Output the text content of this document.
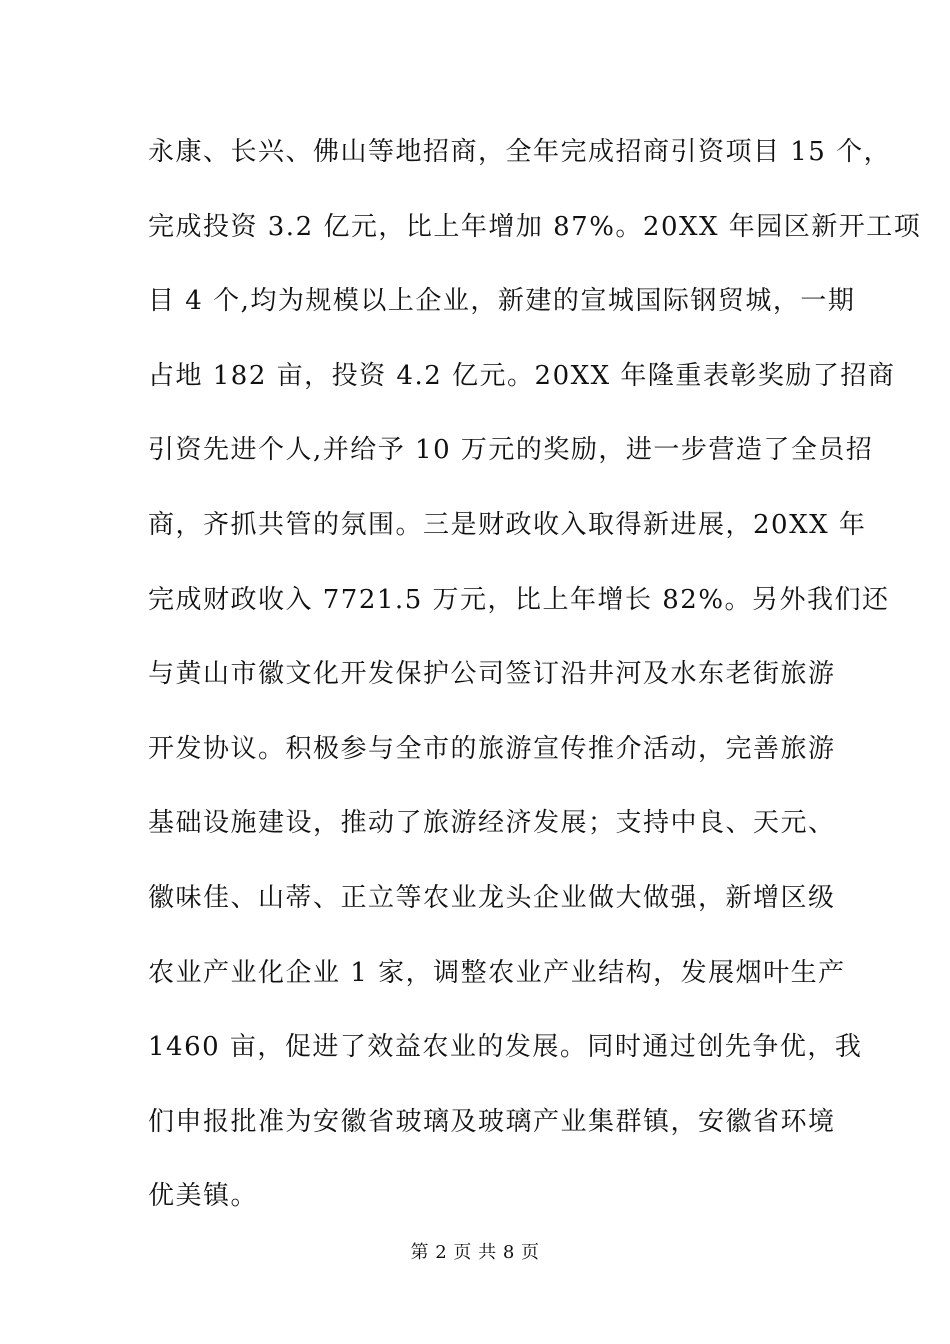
永康、长兴、佛山等地招商，全年完成招商引资项目 15 个，
完成投资 3.2 亿元，比上年增加 87%。20XX 年园区新开工项
目 4 个,均为规模以上企业，新建的宣城国际钢贸城，一期
占地 182 亩，投资 4.2 亿元。20XX 年隆重表彰奖励了招商
引资先进个人,并给予 10 万元的奖励，进一步营造了全员招
商，齐抓共管的氛围。三是财政收入取得新进展，20XX 年
完成财政收入 7721.5 万元，比上年增长 82%。另外我们还
与黄山市徽文化开发保护公司签订沿井河及水东老街旅游
开发协议。积极参与全市的旅游宣传推介活动，完善旅游
基础设施建设，推动了旅游经济发展；支持中良、天元、
徽味佳、山蒂、正立等农业龙头企业做大做强，新增区级
农业产业化企业 1 家，调整农业产业结构，发展烟叶生产
1460 亩，促进了效益农业的发展。同时通过创先争优，我
们申报批准为安徽省玻璃及玻璃产业集群镇，安徽省环境
优美镇。
第 2 页 共 8 页
